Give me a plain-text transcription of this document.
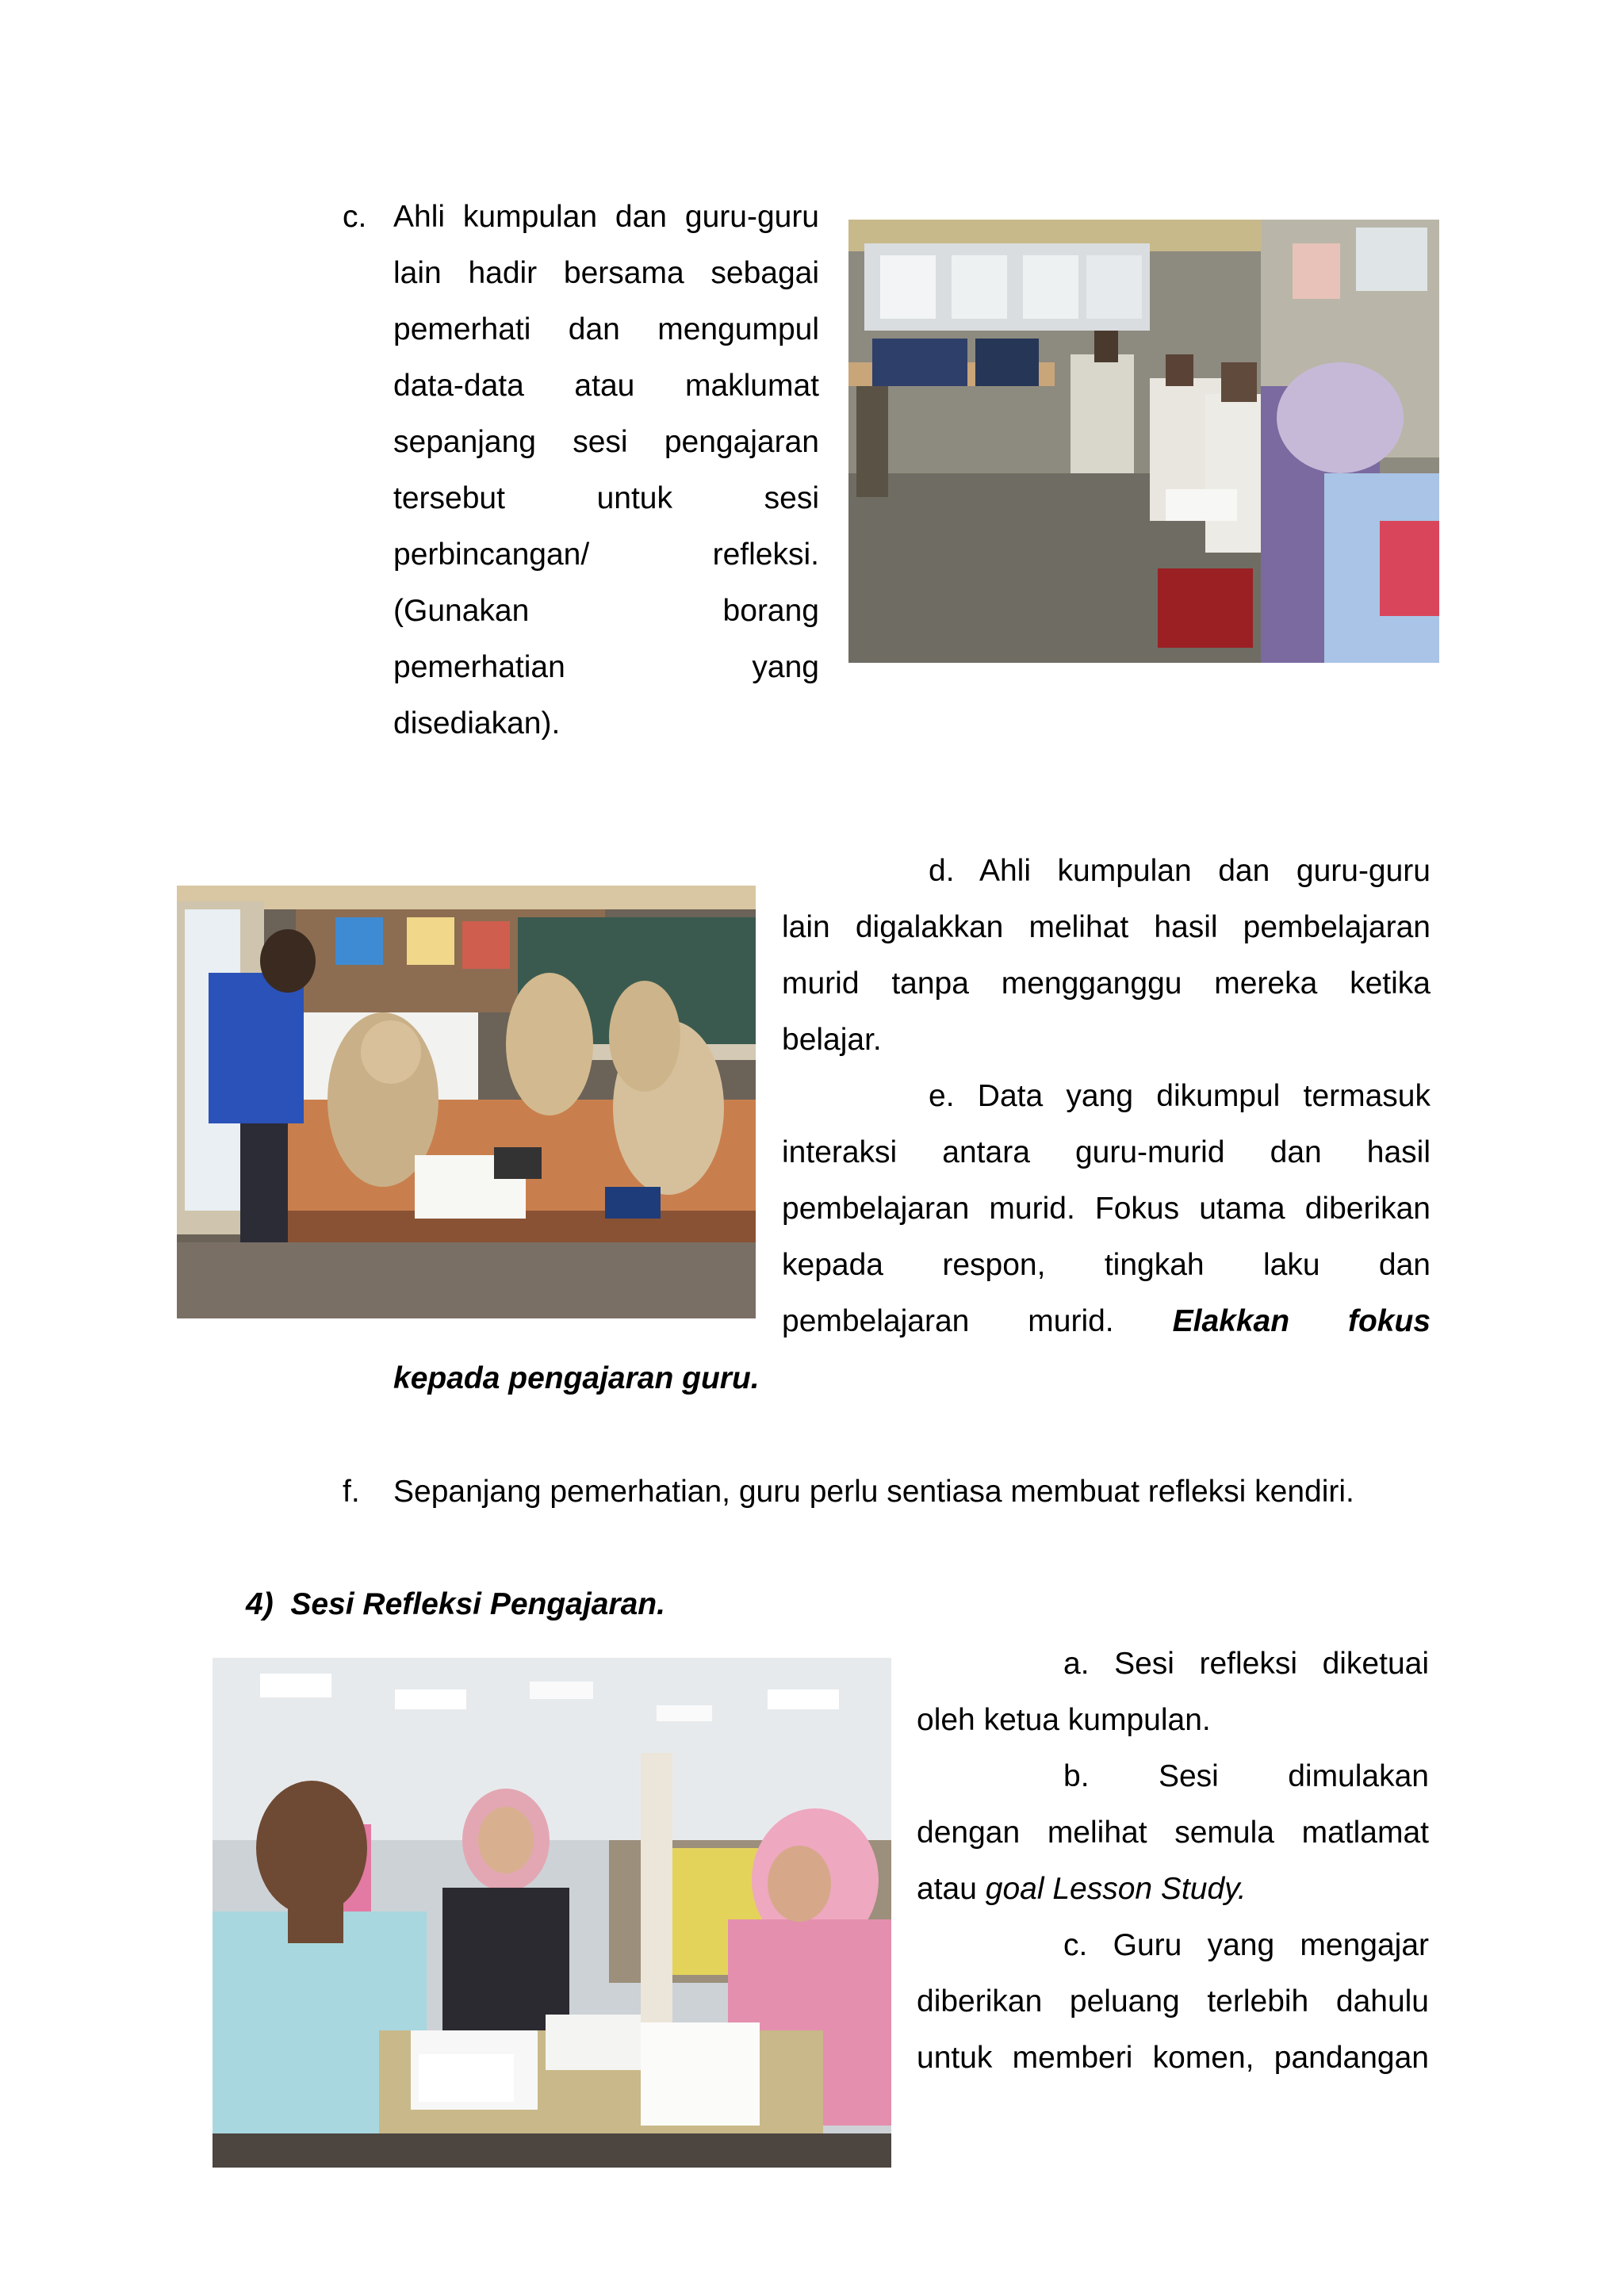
c. Ahli kumpulan dan guru-guru
lain hadir bersama sebagai
pemerhati dan mengumpul
data-data atau maklumat
sepanjang sesi pengajaran
tersebut untuk sesi
perbincangan/ refleksi.
(Gunakan borang
pemerhatian yang
disediakan).
d. Ahli kumpulan dan guru-guru
lain digalakkan melihat hasil pembelajaran
murid tanpa mengganggu mereka ketika
belajar.
e. Data yang dikumpul termasuk
interaksi antara guru-murid dan hasil
pembelajaran murid. Fokus utama diberikan
kepada respon, tingkah laku dan
pembelajaran murid. Elakkan fokus
kepada pengajaran guru.
f. Sepanjang pemerhatian, guru perlu sentiasa membuat refleksi kendiri.
4)  Sesi Refleksi Pengajaran.
a. Sesi refleksi diketuai
oleh ketua kumpulan.
b. Sesi dimulakan
dengan melihat semula matlamat
atau goal Lesson Study.
c. Guru yang mengajar
diberikan peluang terlebih dahulu
untuk memberi komen, pandangan
